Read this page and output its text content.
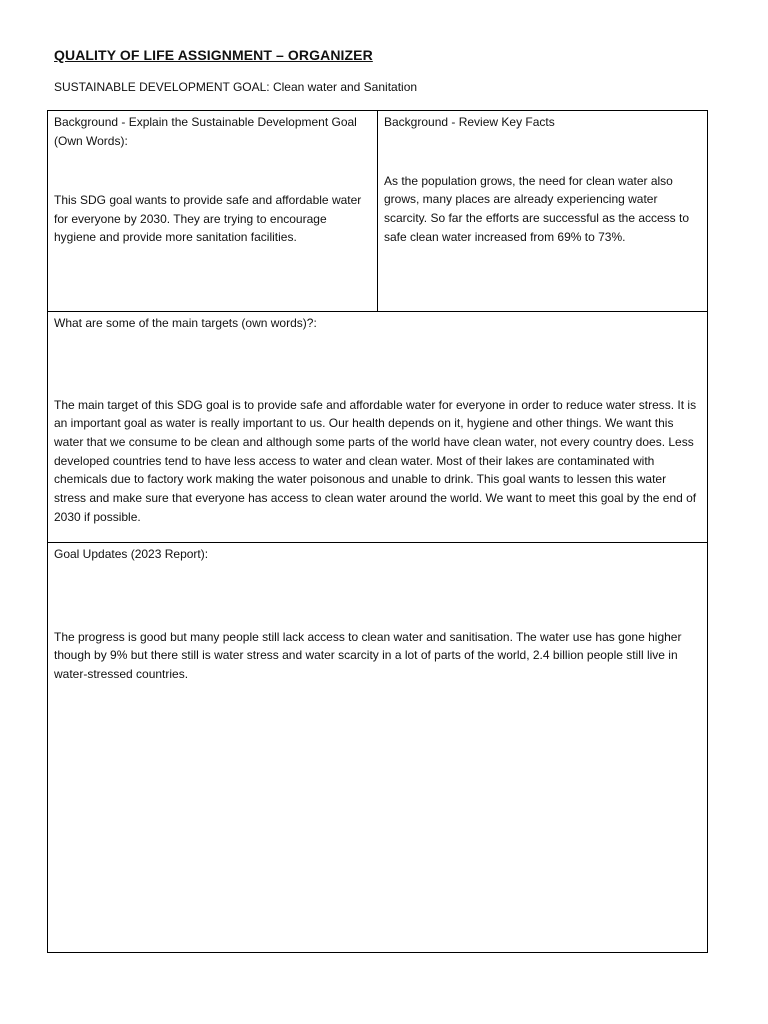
QUALITY OF LIFE ASSIGNMENT – ORGANIZER
SUSTAINABLE DEVELOPMENT GOAL: Clean water and Sanitation
Background - Explain the Sustainable Development Goal (Own Words):
This SDG goal wants to provide safe and affordable water for everyone by 2030. They are trying to encourage hygiene and provide more sanitation facilities.
Background - Review Key Facts
As the population grows, the need for clean water also grows, many places are already experiencing water scarcity. So far the efforts are successful as the access to safe clean water increased from 69% to 73%.
What are some of the main targets (own words)?:
The main target of this SDG goal is to provide safe and affordable water for everyone in order to reduce water stress. It is an important goal as water is really important to us. Our health depends on it, hygiene and other things. We want this water that we consume to be clean and although some parts of the world have clean water, not every country does. Less developed countries tend to have less access to water and clean water. Most of their lakes are contaminated with chemicals due to factory work making the water poisonous and unable to drink. This goal wants to lessen this water stress and make sure that everyone has access to clean water around the world. We want to meet this goal by the end of 2030 if possible.
Goal Updates (2023 Report):
The progress is good but many people still lack access to clean water and sanitisation. The water use has gone higher though by 9% but there still is water stress and water scarcity in a lot of parts of the world, 2.4 billion people still live in water-stressed countries.
